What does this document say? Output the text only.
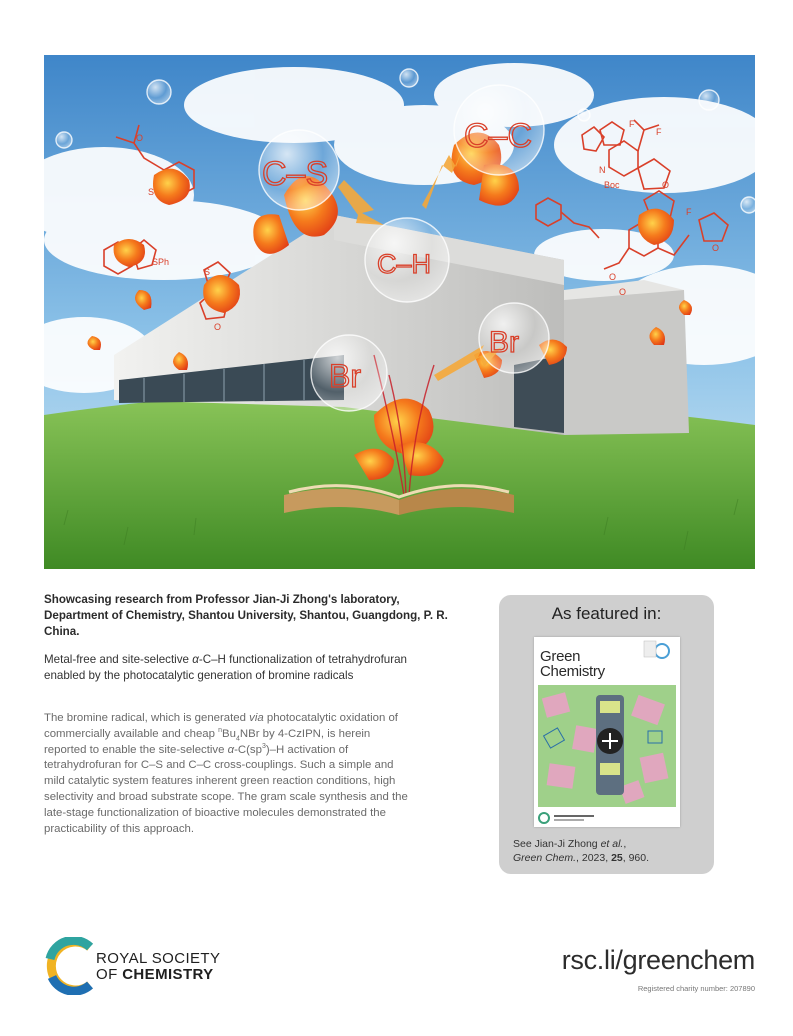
S
O
SPh
S
O
N
Boc
F
F
O
F
O
O
O
C–S
C–C
C–H
Br
Br
Showcasing research from Professor Jian-Ji Zhong's laboratory, Department of Chemistry, Shantou University, Shantou, Guangdong, P. R. China.
Metal-free and site-selective α-C–H functionalization of tetrahydrofuran enabled by the photocatalytic generation of bromine radicals
The bromine radical, which is generated via photocatalytic oxidation of commercially available and cheap $^nBu_4NBr$ by 4-CzIPN, is herein reported to enable the site-selective $\alpha-C(sp^3)-H$ activation of tetrahydrofuran for C–S and C–C cross-couplings. Such a simple and mild catalytic system features inherent green reaction conditions, high selectivity and broad substrate scope. The gram scale synthesis and the late-stage functionalization of bioactive molecules demonstrated the practicability of this approach.
As featured in:
Green
Chemistry
See Jian-Ji Zhong et al.,
Green Chem., 2023, 25, 960.
ROYAL SOCIETY
OF CHEMISTRY	rsc.li/greenchem
Registered charity number: 207890
